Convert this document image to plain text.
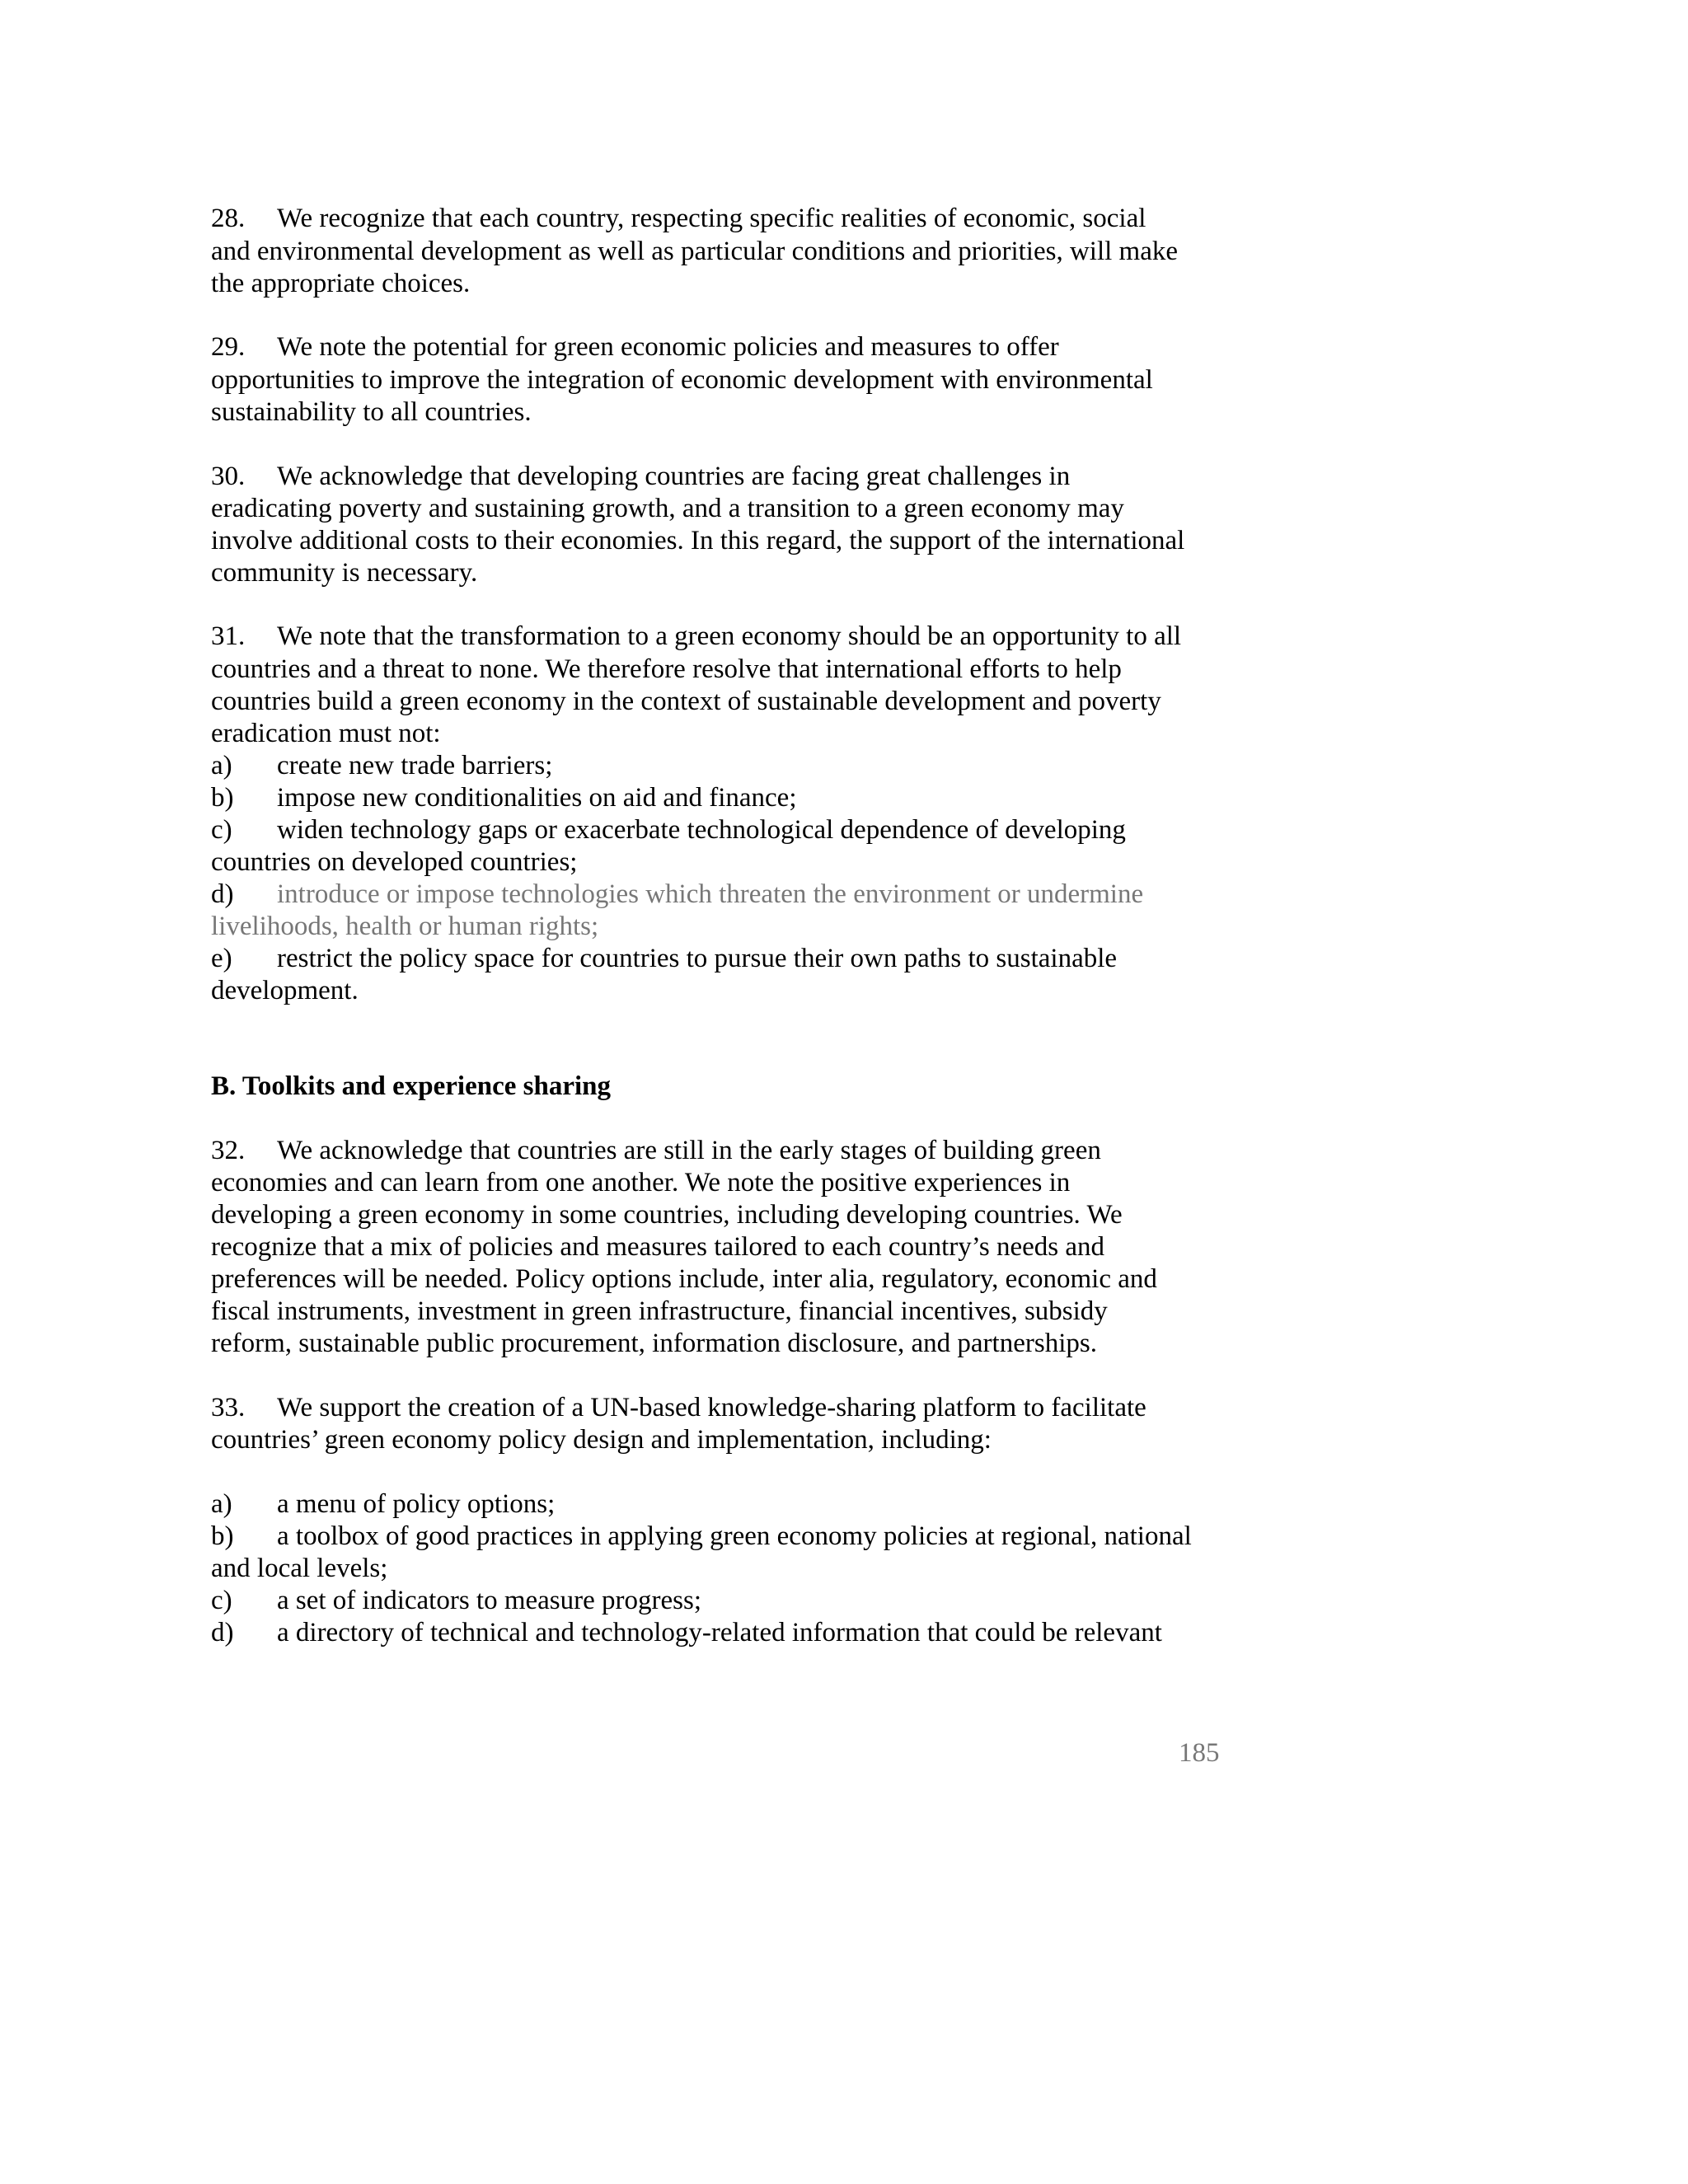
28. We recognize that each country, respecting specific realities of economic, social
and environmental development as well as particular conditions and priorities, will make
the appropriate choices.
29. We note the potential for green economic policies and measures to offer
opportunities to improve the integration of economic development with environmental
sustainability to all countries.
30. We acknowledge that developing countries are facing great challenges in
eradicating poverty and sustaining growth, and a transition to a green economy may
involve additional costs to their economies. In this regard, the support of the international
community is necessary.
31. We note that the transformation to a green economy should be an opportunity to all
countries and a threat to none. We therefore resolve that international efforts to help
countries build a green economy in the context of sustainable development and poverty
eradication must not:
a) create new trade barriers;
b) impose new conditionalities on aid and finance;
c) widen technology gaps or exacerbate technological dependence of developing
countries on developed countries;
d) introduce or impose technologies which threaten the environment or undermine
livelihoods, health or human rights;
e) restrict the policy space for countries to pursue their own paths to sustainable
development.
B. Toolkits and experience sharing
32. We acknowledge that countries are still in the early stages of building green
economies and can learn from one another. We note the positive experiences in
developing a green economy in some countries, including developing countries. We
recognize that a mix of policies and measures tailored to each country’s needs and
preferences will be needed. Policy options include, inter alia, regulatory, economic and
fiscal instruments, investment in green infrastructure, financial incentives, subsidy
reform, sustainable public procurement, information disclosure, and partnerships.
33. We support the creation of a UN-based knowledge-sharing platform to facilitate
countries’ green economy policy design and implementation, including:
a) a menu of policy options;
b) a toolbox of good practices in applying green economy policies at regional, national
and local levels;
c) a set of indicators to measure progress;
d) a directory of technical and technology-related information that could be relevant
185
